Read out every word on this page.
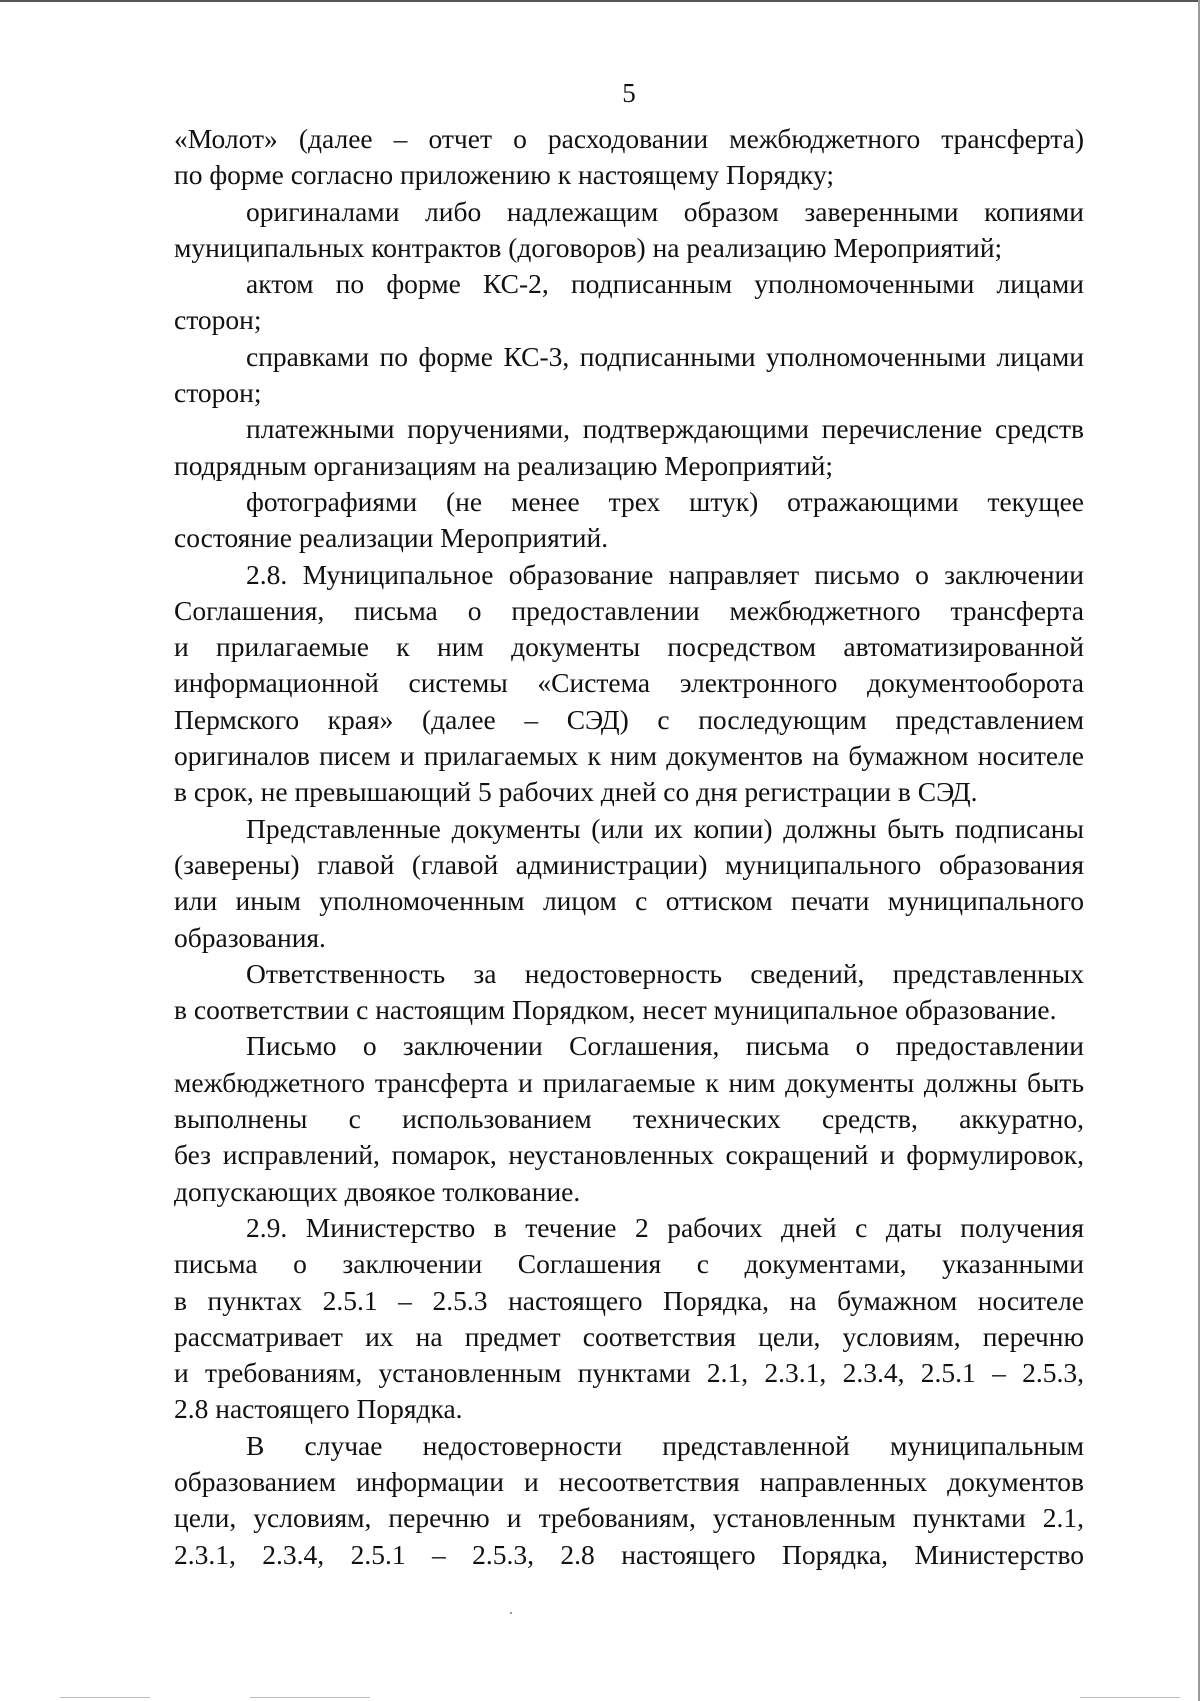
5
«Молот» (далее – отчет о расходовании межбюджетного трансферта)
по форме согласно приложению к настоящему Порядку;
оригиналами либо надлежащим образом заверенными копиями
муниципальных контрактов (договоров) на реализацию Мероприятий;
актом по форме КС-2, подписанным уполномоченными лицами
сторон;
справками по форме КС-3, подписанными уполномоченными лицами
сторон;
платежными поручениями, подтверждающими перечисление средств
подрядным организациям на реализацию Мероприятий;
фотографиями (не менее трех штук) отражающими текущее
состояние реализации Мероприятий.
2.8. Муниципальное образование направляет письмо о заключении
Соглашения, письма о предоставлении межбюджетного трансферта
и прилагаемые к ним документы посредством автоматизированной
информационной системы «Система электронного документооборота
Пермского края» (далее – СЭД) с последующим представлением
оригиналов писем и прилагаемых к ним документов на бумажном носителе
в срок, не превышающий 5 рабочих дней со дня регистрации в СЭД.
Представленные документы (или их копии) должны быть подписаны
(заверены) главой (главой администрации) муниципального образования
или иным уполномоченным лицом с оттиском печати муниципального
образования.
Ответственность за недостоверность сведений, представленных
в соответствии с настоящим Порядком, несет муниципальное образование.
Письмо о заключении Соглашения, письма о предоставлении
межбюджетного трансферта и прилагаемые к ним документы должны быть
выполнены с использованием технических средств, аккуратно,
без исправлений, помарок, неустановленных сокращений и формулировок,
допускающих двоякое толкование.
2.9. Министерство в течение 2 рабочих дней с даты получения
письма о заключении Соглашения с документами, указанными
в пунктах 2.5.1 – 2.5.3 настоящего Порядка, на бумажном носителе
рассматривает их на предмет соответствия цели, условиям, перечню
и требованиям, установленным пунктами 2.1, 2.3.1, 2.3.4, 2.5.1 – 2.5.3,
2.8 настоящего Порядка.
В случае недостоверности представленной муниципальным
образованием информации и несоответствия направленных документов
цели, условиям, перечню и требованиям, установленным пунктами 2.1,
2.3.1, 2.3.4, 2.5.1 – 2.5.3, 2.8 настоящего Порядка, Министерство
